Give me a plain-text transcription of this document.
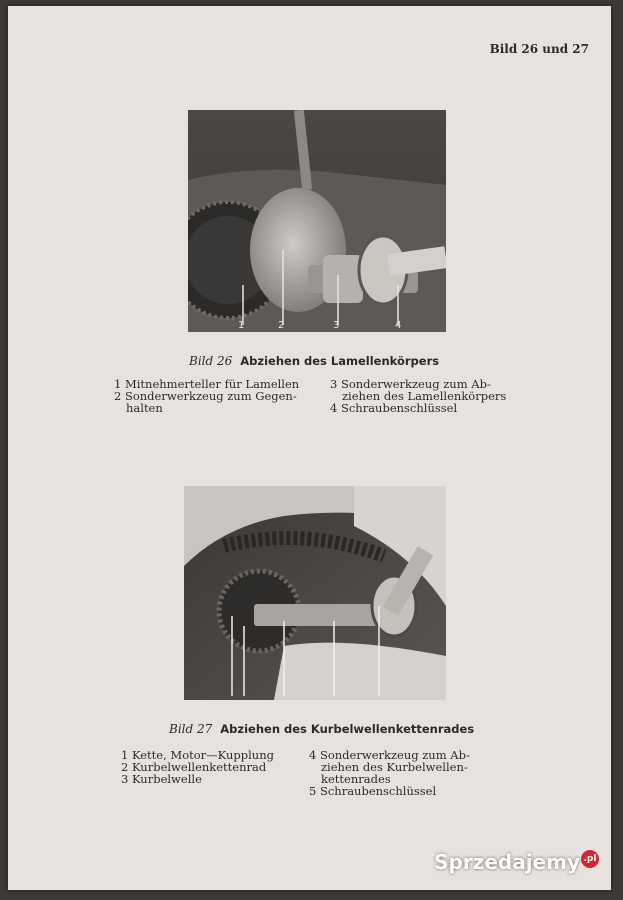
Bild 26 und 27
1	2	3	4
Bild 26 Abziehen des Lamellenkörpers
1 Mitnehmerteller für Lamellen
2 Sonderwerkzeug zum Gegen-
halten
3 Sonderwerkzeug zum Ab-
ziehen des Lamellenkörpers
4 Schraubenschlüssel
Bild 27 Abziehen des Kurbelwellenkettenrades
1 Kette, Motor—Kupplung
2 Kurbelwellenkettenrad
3 Kurbelwelle
4 Sonderwerkzeug zum Ab-
ziehen des Kurbelwellen-
kettenrades
5 Schraubenschlüssel
Sprzedajemy .pl
